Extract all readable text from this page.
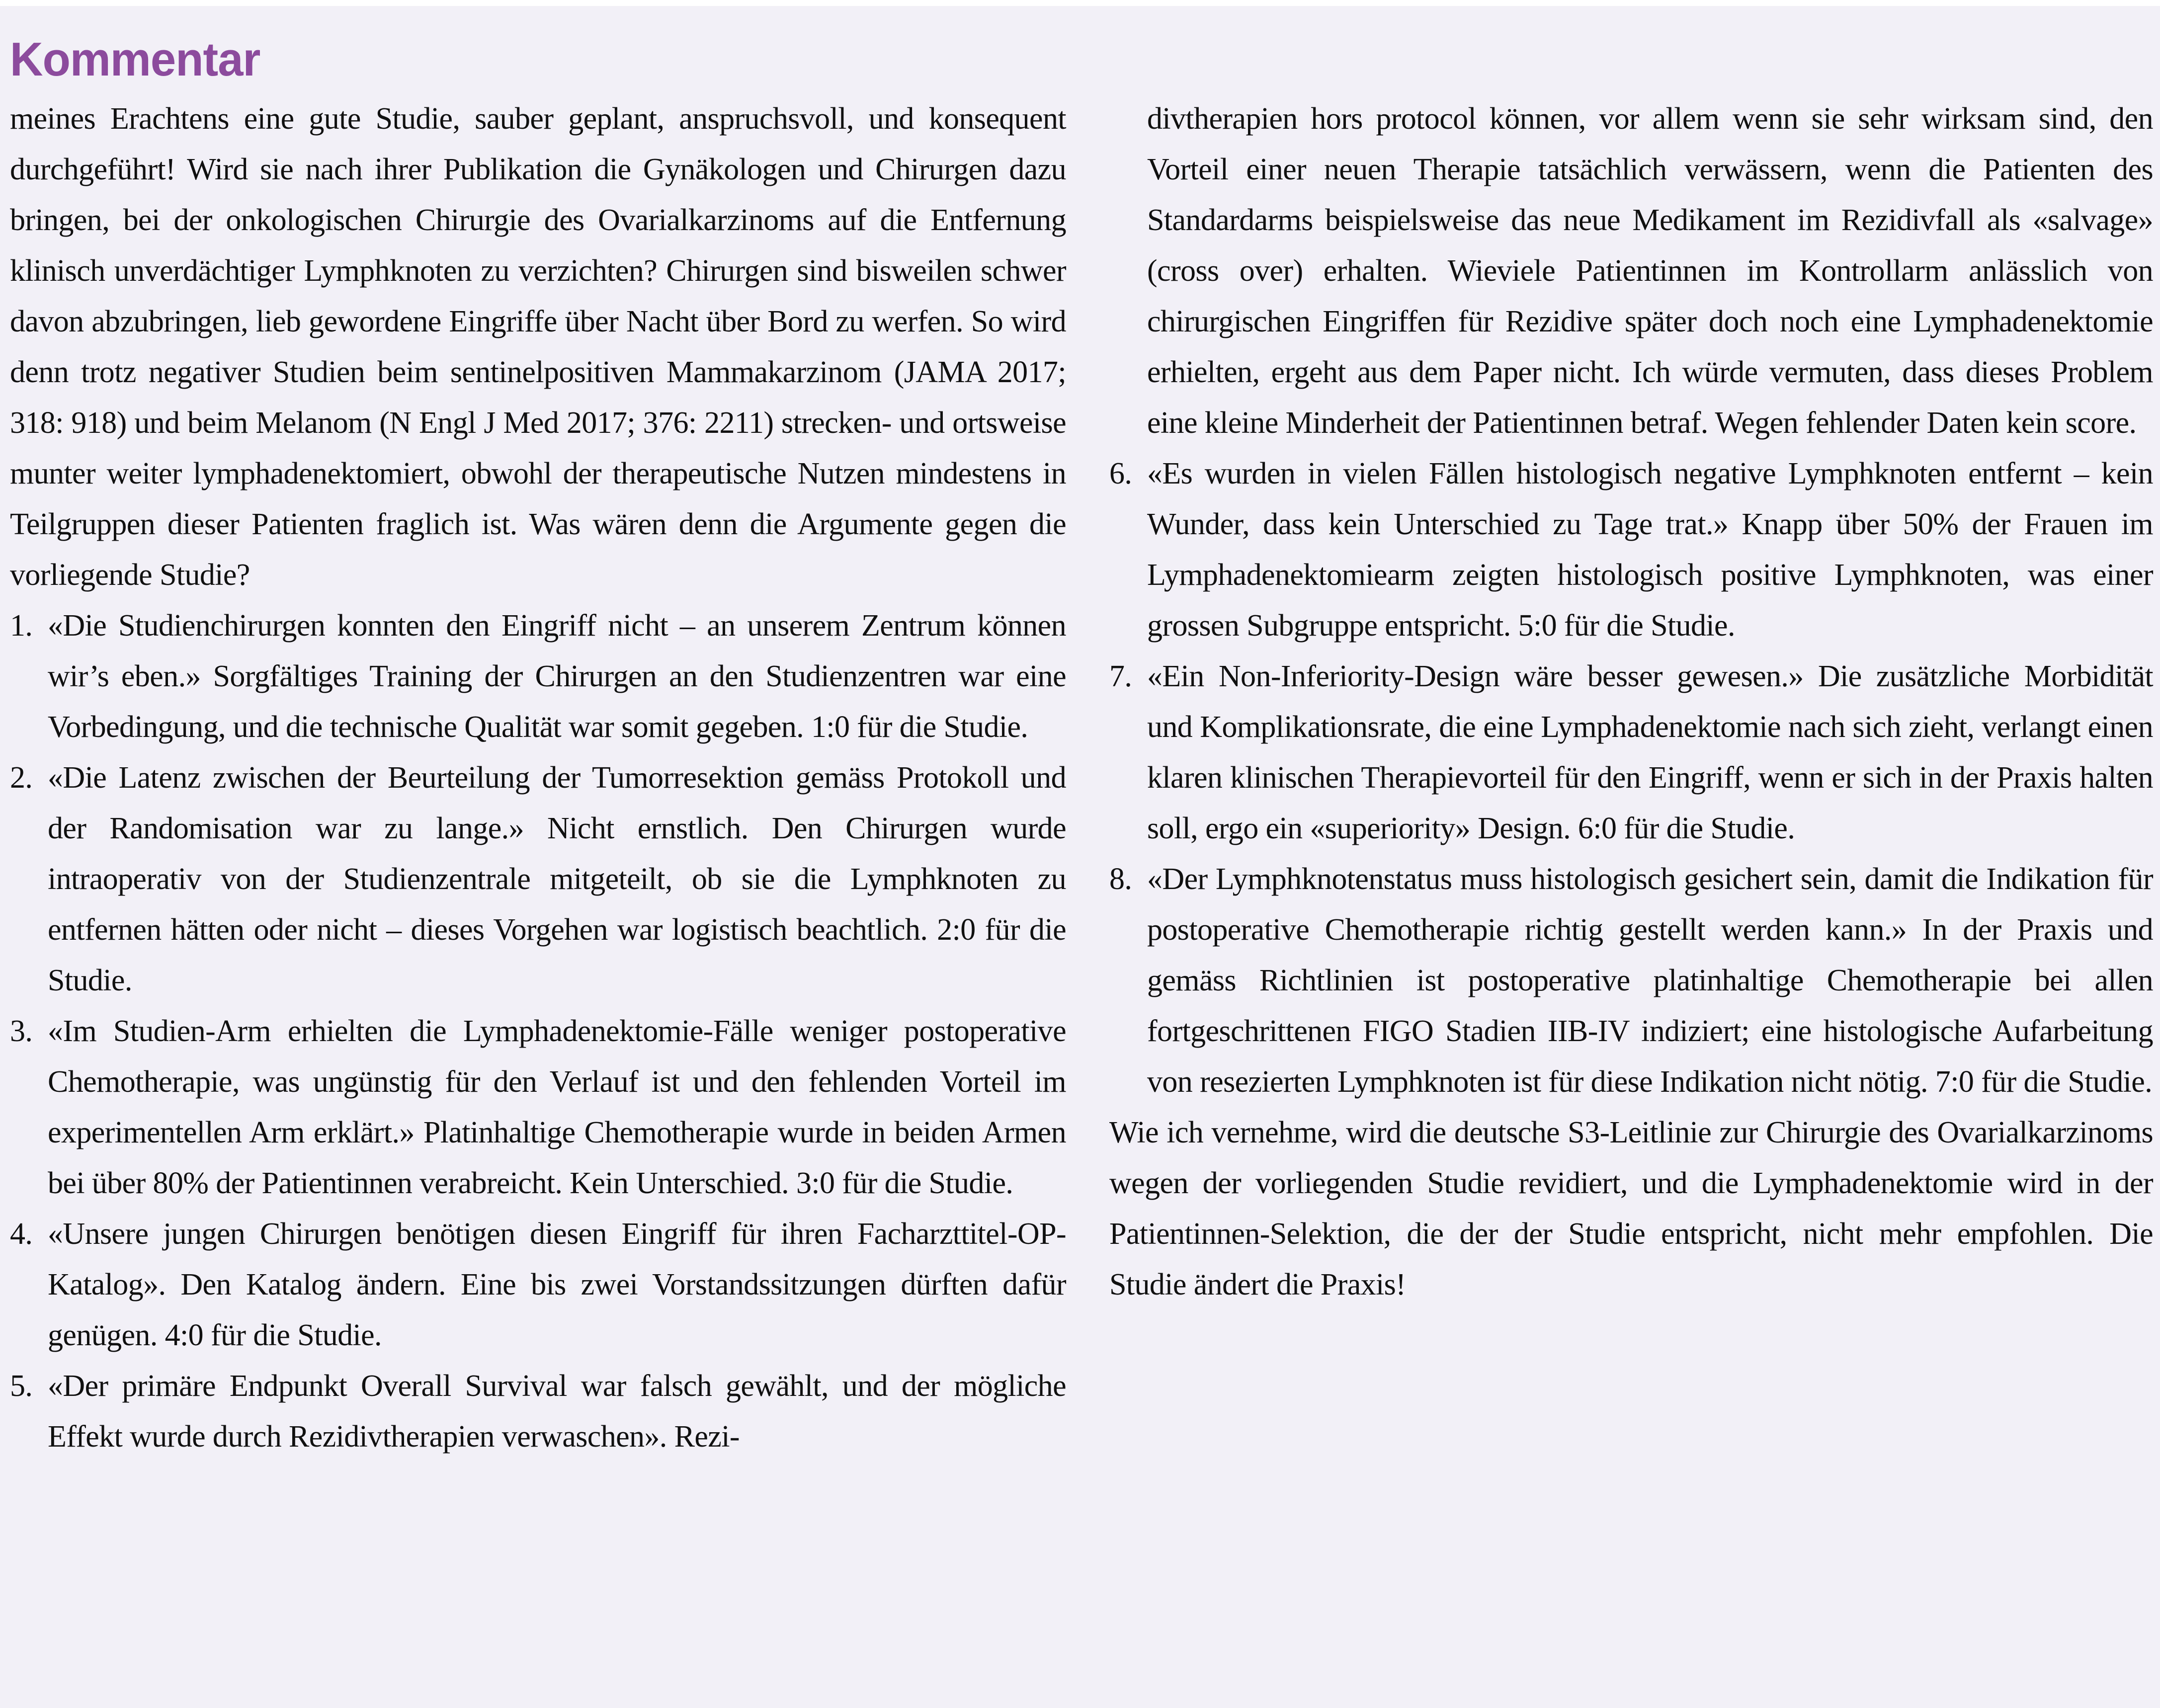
Kommentar

meines Erachtens eine gute Studie, sauber geplant, anspruchsvoll, und konsequent durchgeführt! Wird sie nach ihrer Publikation die Gynäkologen und Chirurgen dazu bringen, bei der onkologischen Chirurgie des Ovarialkarzinoms auf die Entfernung klinisch unverdächtiger Lymphknoten zu verzichten? Chirurgen sind bisweilen schwer davon abzubringen, lieb gewordene Eingriffe über Nacht über Bord zu werfen. So wird denn trotz negativer Studien beim sentinelpositiven Mammakarzinom (JAMA 2017; 318: 918) und beim Melanom (N Engl J Med 2017; 376: 2211) strecken- und ortsweise munter weiter lymphadenektomiert, obwohl der therapeutische Nutzen mindestens in Teilgruppen dieser Patienten fraglich ist. Was wären denn die Argumente gegen die vorliegende Studie?

1. «Die Studienchirurgen konnten den Eingriff nicht – an unserem Zentrum können wir’s eben.» Sorgfältiges Training der Chirurgen an den Studienzentren war eine Vorbedingung, und die technische Qualität war somit gegeben. 1:0 für die Studie.
2. «Die Latenz zwischen der Beurteilung der Tumorresektion gemäss Protokoll und der Randomisation war zu lange.» Nicht ernstlich. Den Chirurgen wurde intraoperativ von der Studienzentrale mitgeteilt, ob sie die Lymphknoten zu entfernen hätten oder nicht – dieses Vorgehen war logistisch beachtlich. 2:0 für die Studie.
3. «Im Studien-Arm erhielten die Lymphadenektomie-Fälle weniger postoperative Chemotherapie, was ungünstig für den Verlauf ist und den fehlenden Vorteil im experimentellen Arm erklärt.» Platinhaltige Chemotherapie wurde in beiden Armen bei über 80% der Patientinnen verabreicht. Kein Unterschied. 3:0 für die Studie.
4. «Unsere jungen Chirurgen benötigen diesen Eingriff für ihren Facharzttitel-OP-Katalog». Den Katalog ändern. Eine bis zwei Vorstandssitzungen dürften dafür genügen. 4:0 für die Studie.
5. «Der primäre Endpunkt Overall Survival war falsch gewählt, und der mögliche Effekt wurde durch Rezidivtherapien verwaschen». Rezi-
divtherapien hors protocol können, vor allem wenn sie sehr wirksam sind, den Vorteil einer neuen Therapie tatsächlich verwässern, wenn die Patienten des Standardarms beispielsweise das neue Medikament im Rezidivfall als «salvage» (cross over) erhalten. Wieviele Patientinnen im Kontrollarm anlässlich von chirurgischen Eingriffen für Rezidive später doch noch eine Lymphadenektomie erhielten, ergeht aus dem Paper nicht. Ich würde vermuten, dass dieses Problem eine kleine Minderheit der Patientinnen betraf. Wegen fehlender Daten kein score.
6. «Es wurden in vielen Fällen histologisch negative Lymphknoten entfernt – kein Wunder, dass kein Unterschied zu Tage trat.» Knapp über 50% der Frauen im Lymphadenektomiearm zeigten histologisch positive Lymphknoten, was einer grossen Subgruppe entspricht. 5:0 für die Studie.
7. «Ein Non-Inferiority-Design wäre besser gewesen.» Die zusätzliche Morbidität und Komplikationsrate, die eine Lymphadenektomie nach sich zieht, verlangt einen klaren klinischen Therapievorteil für den Eingriff, wenn er sich in der Praxis halten soll, ergo ein «superiority» Design. 6:0 für die Studie.
8. «Der Lymphknotenstatus muss histologisch gesichert sein, damit die Indikation für postoperative Chemotherapie richtig gestellt werden kann.» In der Praxis und gemäss Richtlinien ist postoperative platinhaltige Chemotherapie bei allen fortgeschrittenen FIGO Stadien IIB-IV indiziert; eine histologische Aufarbeitung von resezierten Lymphknoten ist für diese Indikation nicht nötig. 7:0 für die Studie.

Wie ich vernehme, wird die deutsche S3-Leitlinie zur Chirurgie des Ovarialkarzinoms wegen der vorliegenden Studie revidiert, und die Lymphadenektomie wird in der Patientinnen-Selektion, die der der Studie entspricht, nicht mehr empfohlen. Die Studie ändert die Praxis!
